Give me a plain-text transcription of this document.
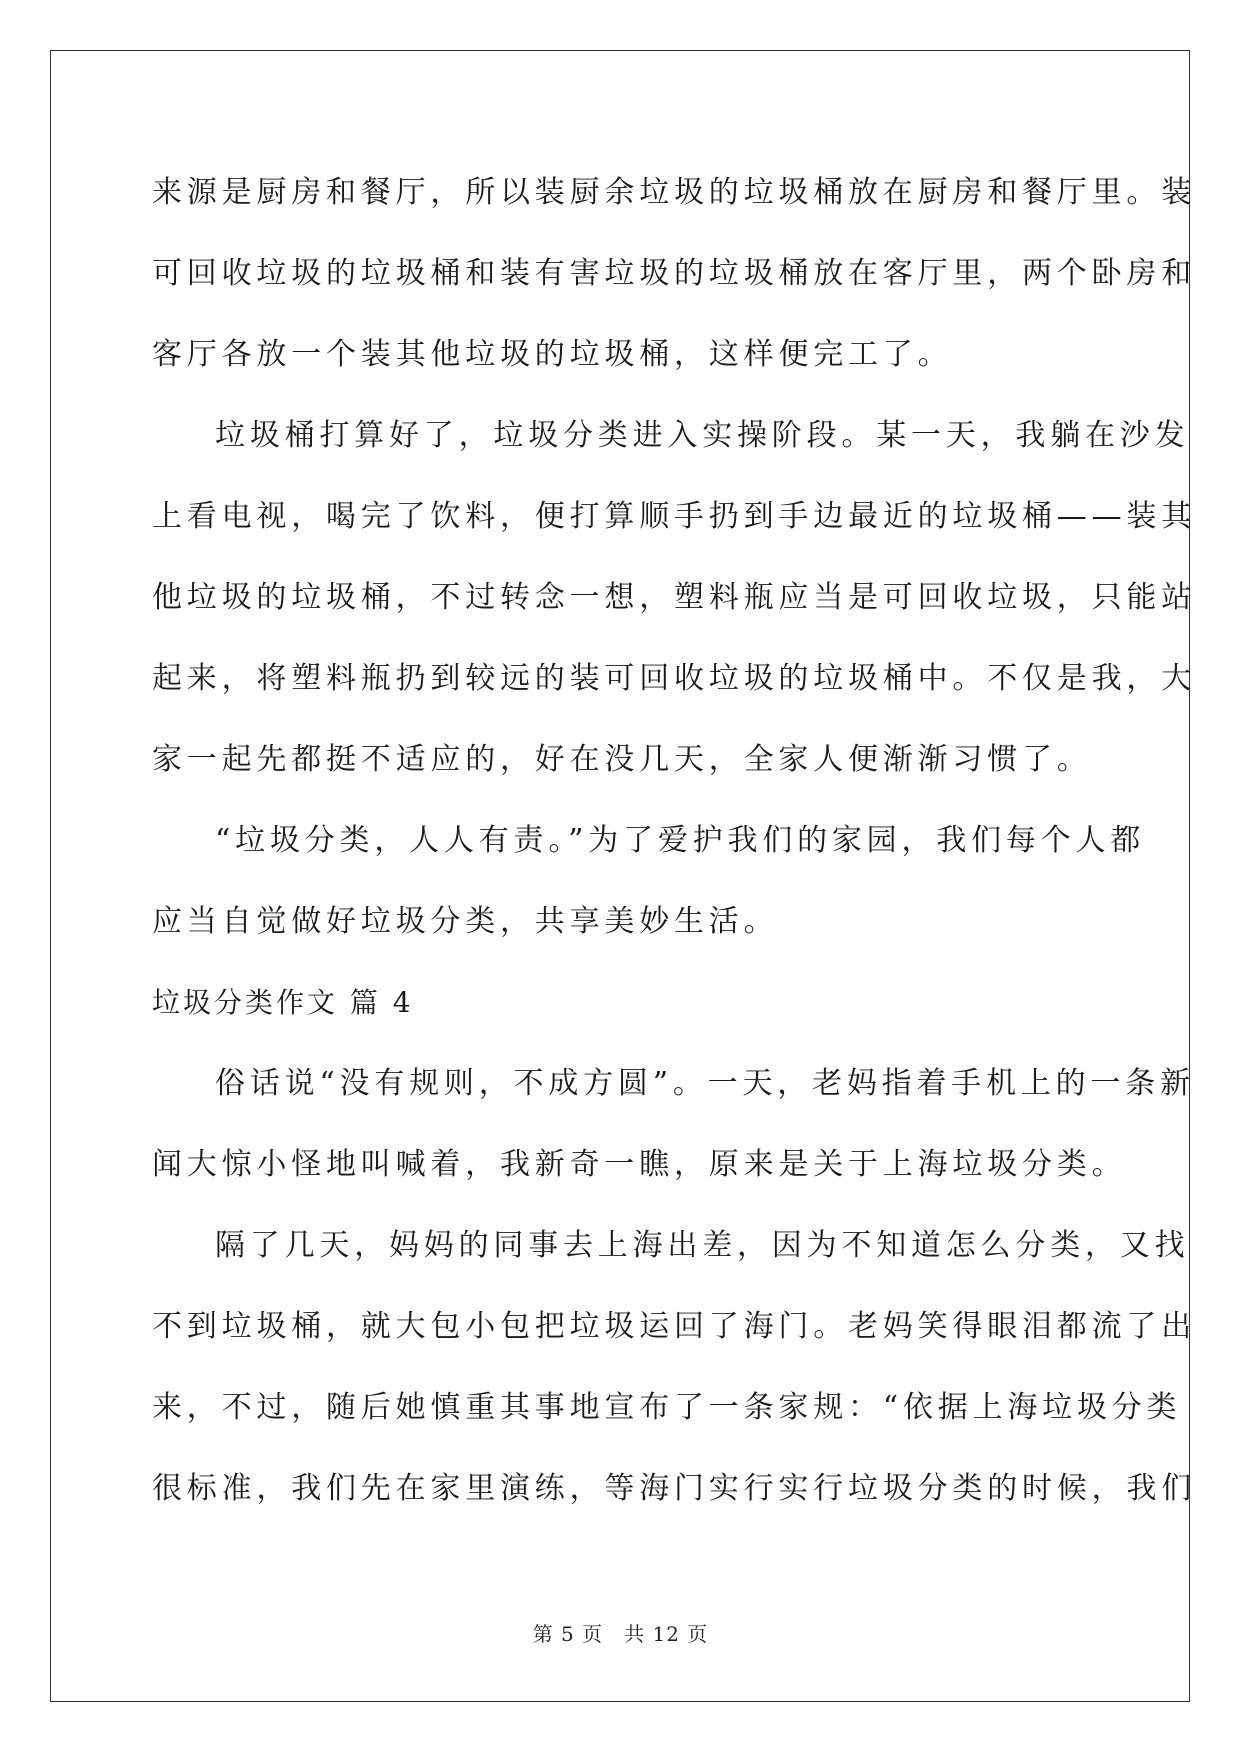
来源是厨房和餐厅，所以装厨余垃圾的垃圾桶放在厨房和餐厅里。装
可回收垃圾的垃圾桶和装有害垃圾的垃圾桶放在客厅里，两个卧房和
客厅各放一个装其他垃圾的垃圾桶，这样便完工了。
垃圾桶打算好了，垃圾分类进入实操阶段。某一天，我躺在沙发
上看电视，喝完了饮料，便打算顺手扔到手边最近的垃圾桶——装其
他垃圾的垃圾桶，不过转念一想，塑料瓶应当是可回收垃圾，只能站
起来，将塑料瓶扔到较远的装可回收垃圾的垃圾桶中。不仅是我，大
家一起先都挺不适应的，好在没几天，全家人便渐渐习惯了。
“垃圾分类，人人有责。”为了爱护我们的家园，我们每个人都
应当自觉做好垃圾分类，共享美妙生活。
垃圾分类作文 篇 4
俗话说“没有规则，不成方圆”。一天，老妈指着手机上的一条新
闻大惊小怪地叫喊着，我新奇一瞧，原来是关于上海垃圾分类。
隔了几天，妈妈的同事去上海出差，因为不知道怎么分类，又找
不到垃圾桶，就大包小包把垃圾运回了海门。老妈笑得眼泪都流了出
来，不过，随后她慎重其事地宣布了一条家规：“依据上海垃圾分类
很标准，我们先在家里演练，等海门实行实行垃圾分类的时候，我们
第 5 页　共 12 页
